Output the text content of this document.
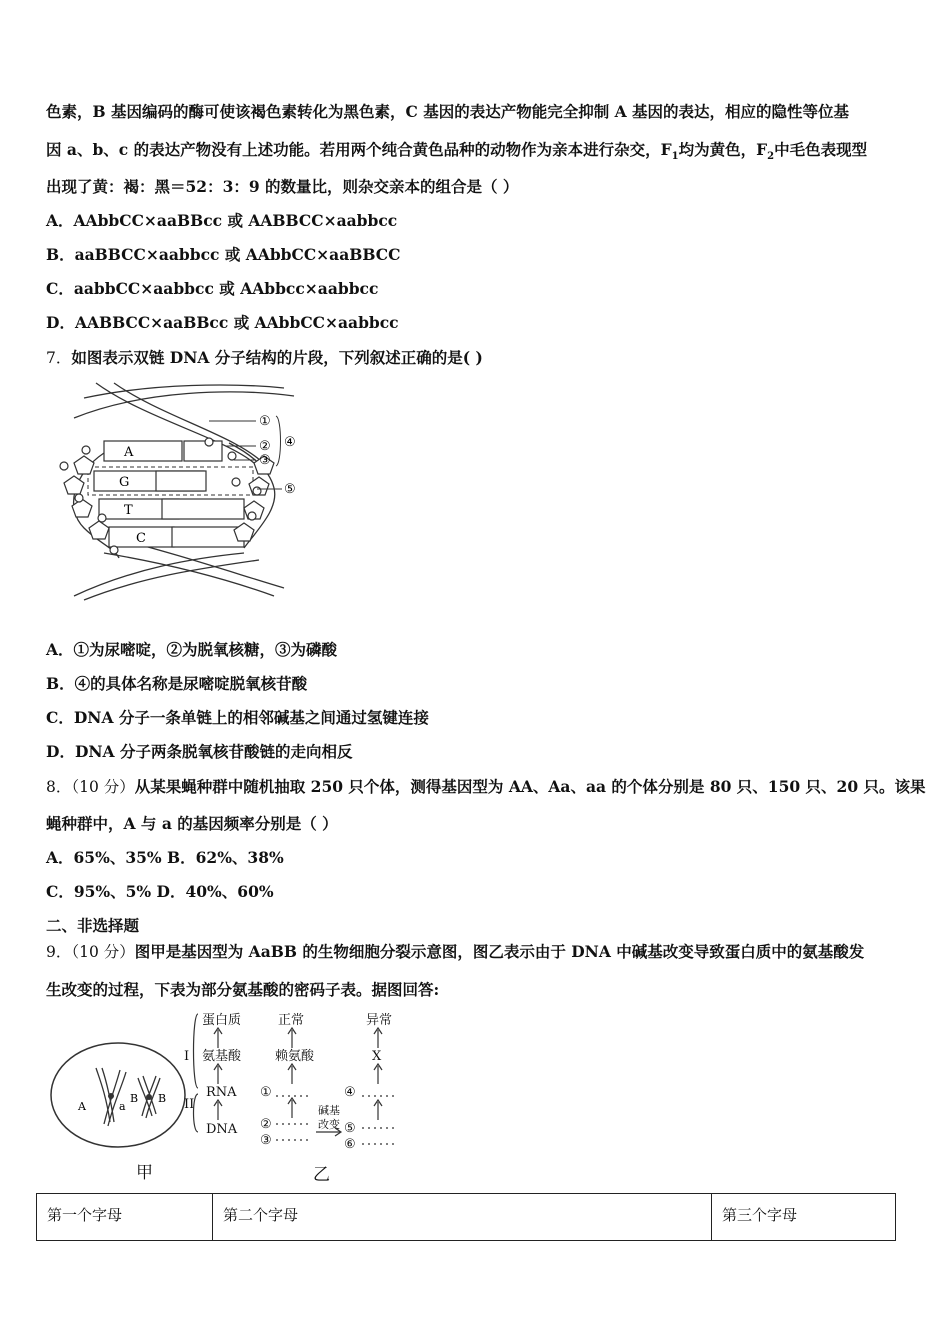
色素，B 基因编码的酶可使该褐色素转化为黑色素，C 基因的表达产物能完全抑制 A 基因的表达，相应的隐性等位基
因 a、b、c 的表达产物没有上述功能。若用两个纯合黄色品种的动物作为亲本进行杂交，$F_1$均为黄色，$F_2$中毛色表现型
出现了黄：褐：黑＝52：3：9 的数量比，则杂交亲本的组合是（ ）
A．AAbbCC×aaBBcc 或 AABBCC×aabbcc
B．aaBBCC×aabbcc 或 AAbbCC×aaBBCC
C．aabbCC×aabbcc 或 AAbbcc×aabbcc
D．AABBCC×aaBBcc 或 AAbbCC×aabbcc
7．如图表示双链 DNA 分子结构的片段，下列叙述正确的是( )
A
G
T
C
①
②
③
④
⑤
A．①为尿嘧啶，②为脱氧核糖，③为磷酸
B．④的具体名称是尿嘧啶脱氧核苷酸
C．DNA 分子一条单链上的相邻碱基之间通过氢键连接
D．DNA 分子两条脱氧核苷酸链的走向相反
8．（10 分）从某果蝇种群中随机抽取 250 只个体，测得基因型为 AA、Aa、aa 的个体分别是 80 只、150 只、20 只。该果
蝇种群中，A 与 a 的基因频率分别是（ ）
A．65%、35% B．62%、38%
C．95%、5% D．40%、60%
二、非选择题
9．（10 分）图甲是基因型为 AaBB 的生物细胞分裂示意图，图乙表示由于 DNA 中碱基改变导致蛋白质中的氨基酸发
生改变的过程，下表为部分氨基酸的密码子表。据图回答:
A	a
B B
甲
蛋白质
氨基酸
RNA
DNA
I
II
正常
赖氨酸
异常
X
①
②
③
④
⑤
⑥
碱基
改变
乙
第一个字母	第二个字母	第三个字母
